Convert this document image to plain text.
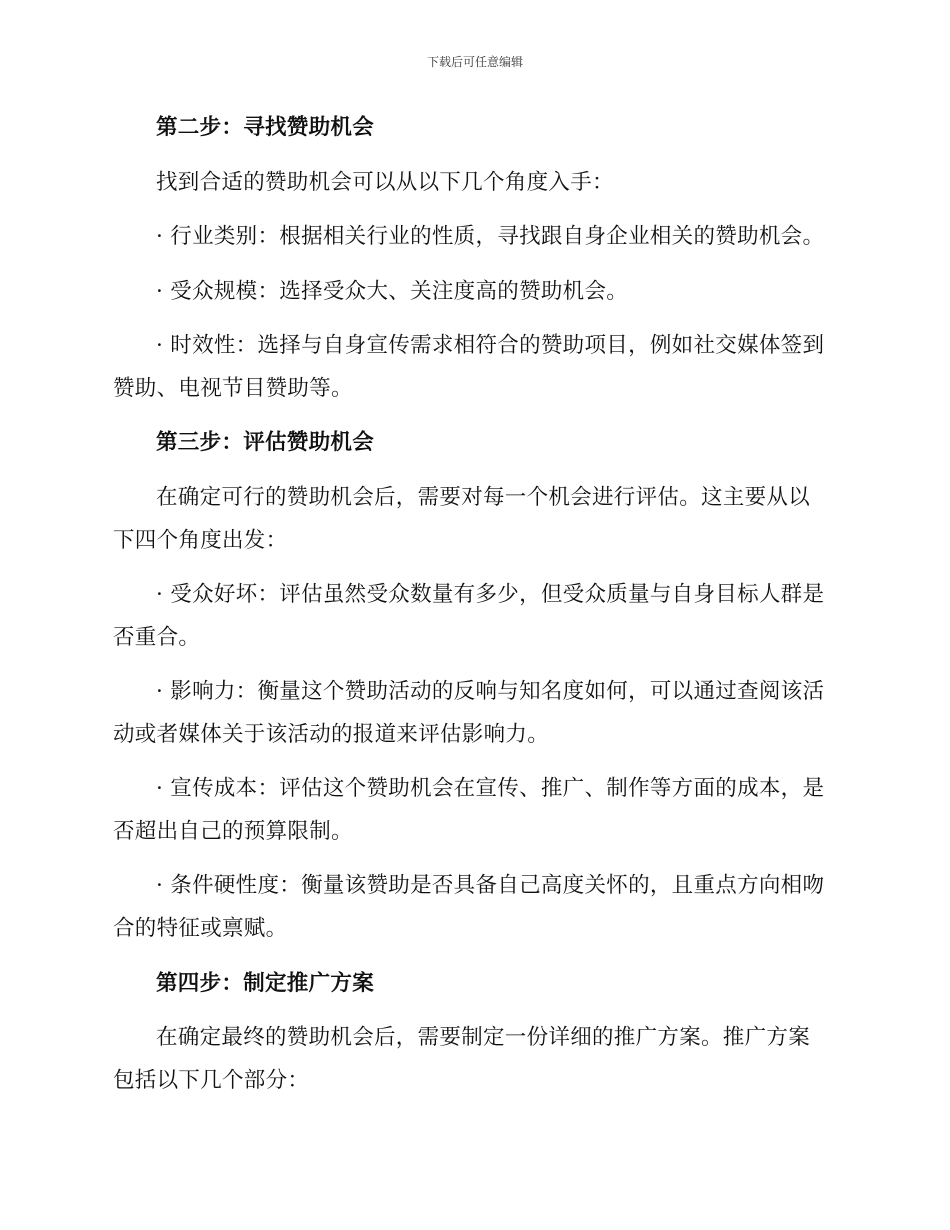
下载后可任意编辑

第二步：寻找赞助机会

找到合适的赞助机会可以从以下几个角度入手：

· 行业类别：根据相关行业的性质，寻找跟自身企业相关的赞助机会。

· 受众规模：选择受众大、关注度高的赞助机会。

· 时效性：选择与自身宣传需求相符合的赞助项目，例如社交媒体签到赞助、电视节目赞助等。

第三步：评估赞助机会

在确定可行的赞助机会后，需要对每一个机会进行评估。这主要从以下四个角度出发：

· 受众好坏：评估虽然受众数量有多少，但受众质量与自身目标人群是否重合。

· 影响力：衡量这个赞助活动的反响与知名度如何，可以通过查阅该活动或者媒体关于该活动的报道来评估影响力。

· 宣传成本：评估这个赞助机会在宣传、推广、制作等方面的成本，是否超出自己的预算限制。

· 条件硬性度：衡量该赞助是否具备自己高度关怀的，且重点方向相吻合的特征或禀赋。

第四步：制定推广方案

在确定最终的赞助机会后，需要制定一份详细的推广方案。推广方案包括以下几个部分：
